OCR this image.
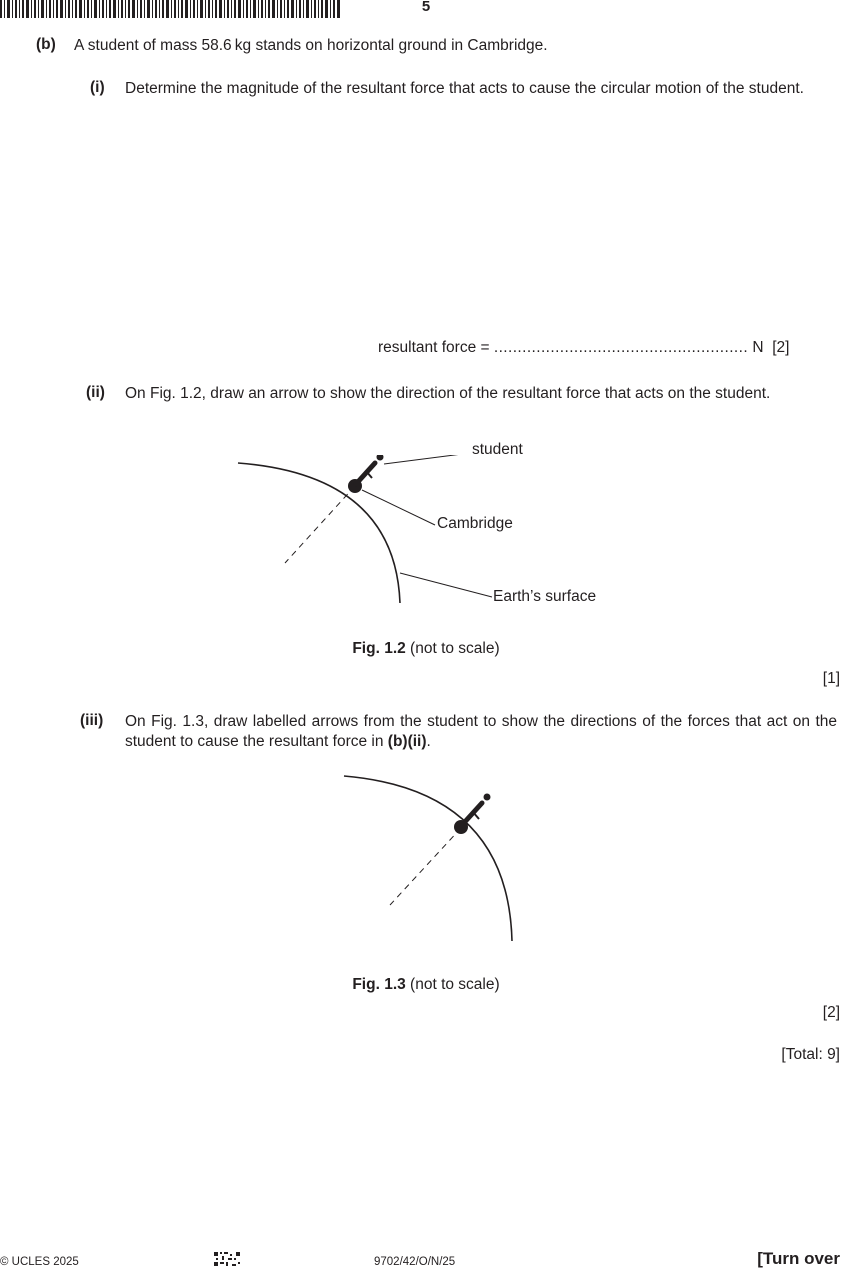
5
(b) A student of mass 58.6 kg stands on horizontal ground in Cambridge.
(i) Determine the magnitude of the resultant force that acts to cause the circular motion of the student.
resultant force = ...................................................... N [2]
(ii) On Fig. 1.2, draw an arrow to show the direction of the resultant force that acts on the student.
student
Cambridge
Earth’s surface
Fig. 1.2 (not to scale)
[1]
(iii) On Fig. 1.3, draw labelled arrows from the student to show the directions of the forces that act on the student to cause the resultant force in (b)(ii).
Fig. 1.3 (not to scale)
[2]
[Total: 9]
© UCLES 2025	9702/42/O/N/25	[Turn over
